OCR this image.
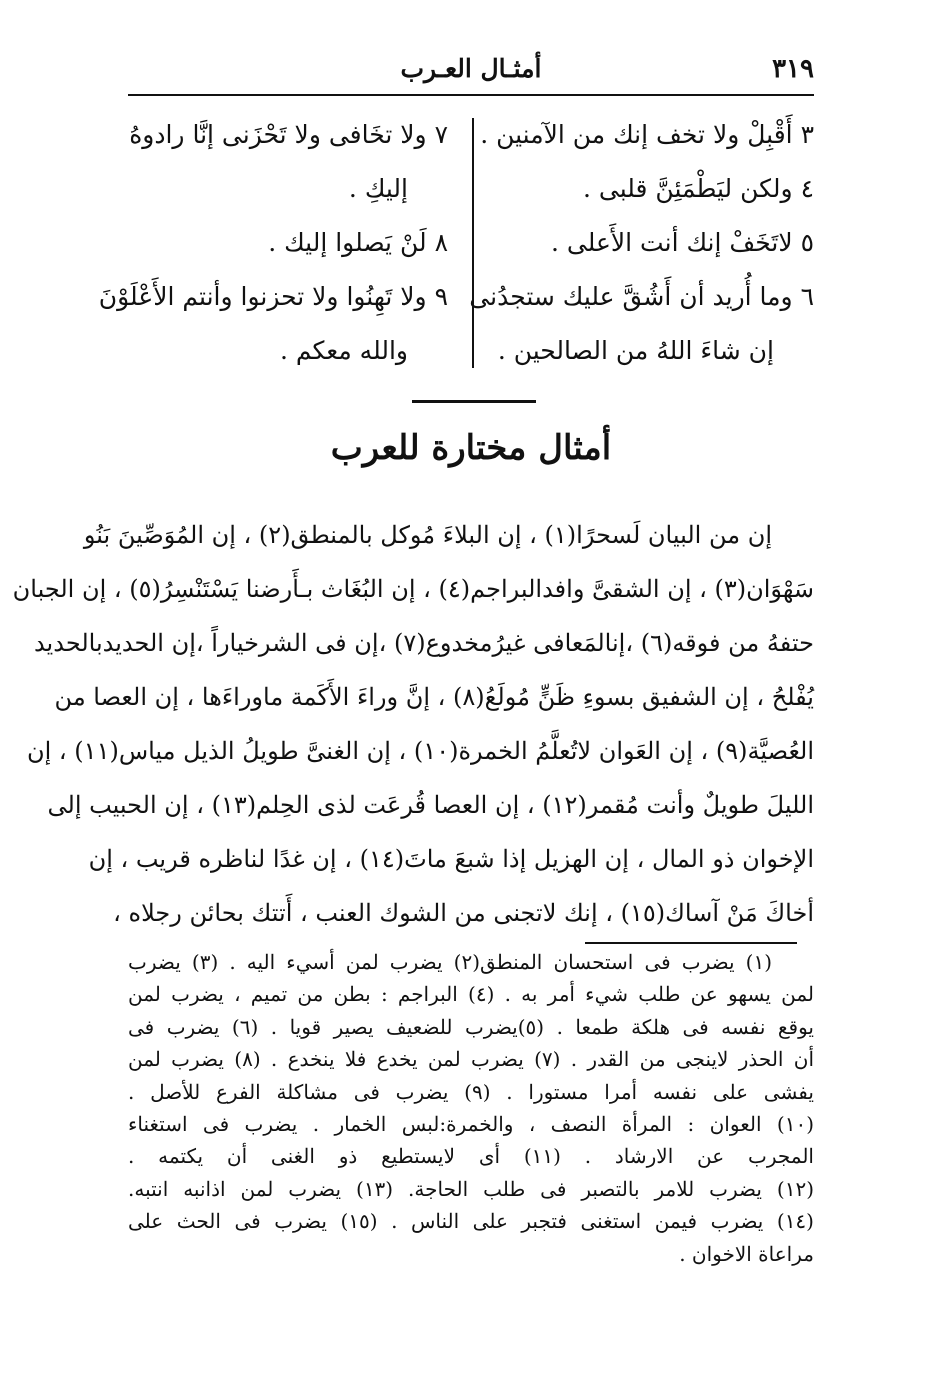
٣١٩
أمثـال العـرب
٣ أَقْبِلْ ولا تخف إنك من الآمنين .
٤ ولكن ليَطْمَئِنَّ قلبى .
٥ لاتَخَفْ إنك أنت الأَعلى .
٦ وما أُريد أن أَشُقَّ عليك ستجدُنى
إن شاءَ اللهُ من الصالحين .
٧ ولا تخَافى ولا تَحْزَنى إنَّا رادوهُ
إليكِ .
٨ لَنْ يَصلوا إليك .
٩ ولا تَهِنُوا ولا تحزنوا وأنتم الأَعْلَوْنَ
والله معكم .
أمثال مختارة للعرب
إن من البيان لَسحرًا(١) ، إن البلاءَ مُوكل بالمنطق(٢) ، إن المُوَصِّينَ بَنُو
سَهْوَان(٣) ، إن الشقىَّ وافدالبراجم(٤) ، إن البُغَاث بـأَرضنا يَسْتَنْسِرُ(٥) ، إن الجبان
حتفهُ من فوقه(٦) ،إنالمَعافى غيرُمخدوع(٧) ،إن فى الشرخياراً ،إن الحديدبالحديد
يُفْلحُ ، إن الشفيق بسوءِ ظَنٍّ مُولَعُ(٨) ، إنَّ وراءَ الأَكَمة ماوراءَها ، إن العصا من
العُصيَّة(٩) ، إن العَوان لاتُعلَّمُ الخمرة(١٠) ، إن الغنىَّ طويلُ الذيل مياس(١١) ، إن
الليلَ طويلٌ وأنت مُقمر(١٢) ، إن العصا قُرعَت لذى الحِلم(١٣) ، إن الحبيب إلى
الإخوان ذو المال ، إن الهزيل إذا شبعَ ماتَ(١٤) ، إن غدًا لناظره قريب ، إن
أخاكَ مَنْ آساك(١٥) ، إنك لاتجنى من الشوك العنب ، أَتتك بحائن رجلاه ،
(١) يضرب فى استحسان المنطق(٢) يضرب لمن أسيء اليه . (٣) يضرب
لمن يسهو عن طلب شيء أمر به . (٤) البراجم : بطن من تميم ، يضرب لمن
يوقع نفسه فى هلكة طمعا . (٥)يضرب للضعيف يصير قويا . (٦) يضرب فى
أن الحذر لاينجى من القدر . (٧) يضرب لمن يخدع فلا ينخدع . (٨) يضرب لمن
يفشى على نفسه أمرا مستورا . (٩) يضرب فى مشاكلة الفرع للأصل .
(١٠) العوان : المرأة النصف ، والخمرة:لبس الخمار . يضرب فى استغناء
المجرب عن الارشاد . (١١) أى لايستطيع ذو الغنى أن يكتمه .
(١٢) يضرب للامر بالتصبر فى طلب الحاجة. (١٣) يضرب لمن اذانبه انتبه.
(١٤) يضرب فيمن استغنى فتجبر على الناس . (١٥) يضرب فى الحث على
مراعاة الاخوان .
